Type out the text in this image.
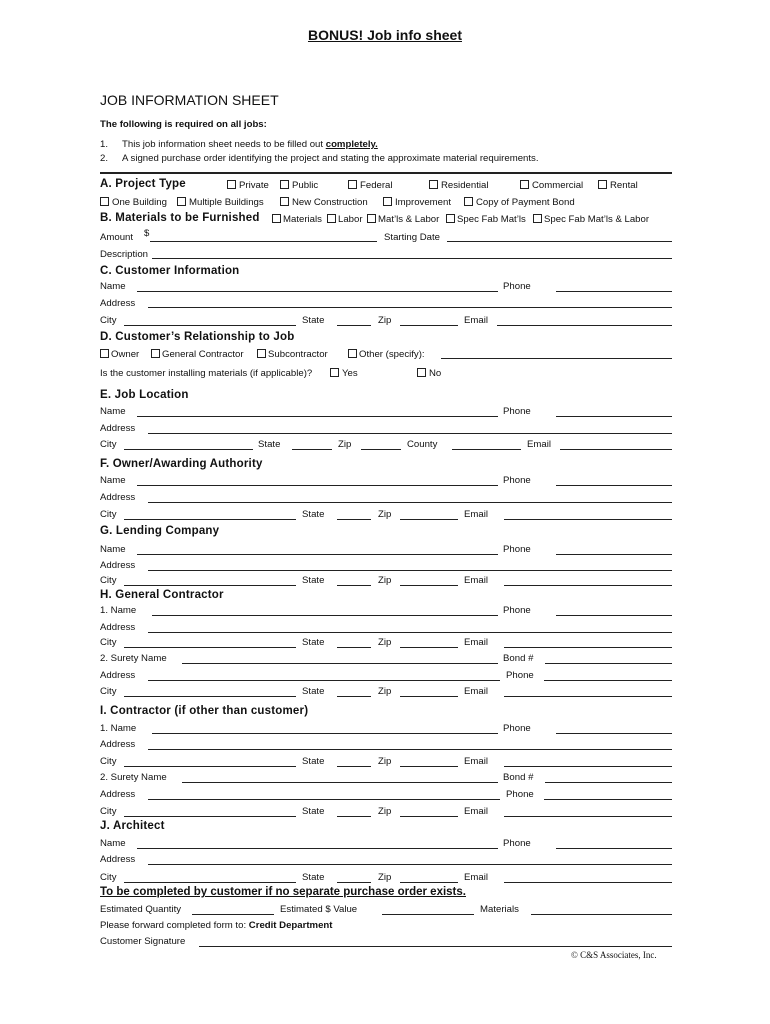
BONUS! Job info sheet
JOB INFORMATION SHEET
The following is required on all jobs:
1. This job information sheet needs to be filled out completely.
2. A signed purchase order identifying the project and stating the approximate material requirements.
A. Project Type	Private Public	Federal	Residential	Commercial	Rental
One Building Multiple Buildings	New Construction	Improvement	Copy of Payment Bond
B. Materials to be Furnished Materials Labor Mat’ls & Labor Spec Fab Mat’ls Spec Fab Mat’ls & Labor
Amount $	Starting Date
Description
C. Customer Information
Name	Phone
Address
City	State	Zip	Email
D. Customer’s Relationship to Job
Owner General Contractor	Subcontractor	Other (specify):
Is the customer installing materials (if applicable)?	Yes	No
E. Job Location
Name	Phone
Address
City	State	Zip	County	Email
F. Owner/Awarding Authority
Name	Phone
Address
City	State	Zip	Email
G. Lending Company
Name	Phone
Address
City	State	Zip	Email
H. General Contractor
1. Name	Phone
Address
City	State	Zip	Email
2. Surety Name	Bond #
Address	Phone
City	State	Zip	Email
I. Contractor (if other than customer)
1. Name	Phone
Address
City	State	Zip	Email
2. Surety Name	Bond #
Address	Phone
City	State	Zip	Email
J. Architect
Name	Phone
Address
City	State	Zip	Email
To be completed by customer if no separate purchase order exists.
Estimated Quantity	Estimated $ Value	Materials
Please forward completed form to: Credit Department
Customer Signature
© C&S Associates, Inc.
